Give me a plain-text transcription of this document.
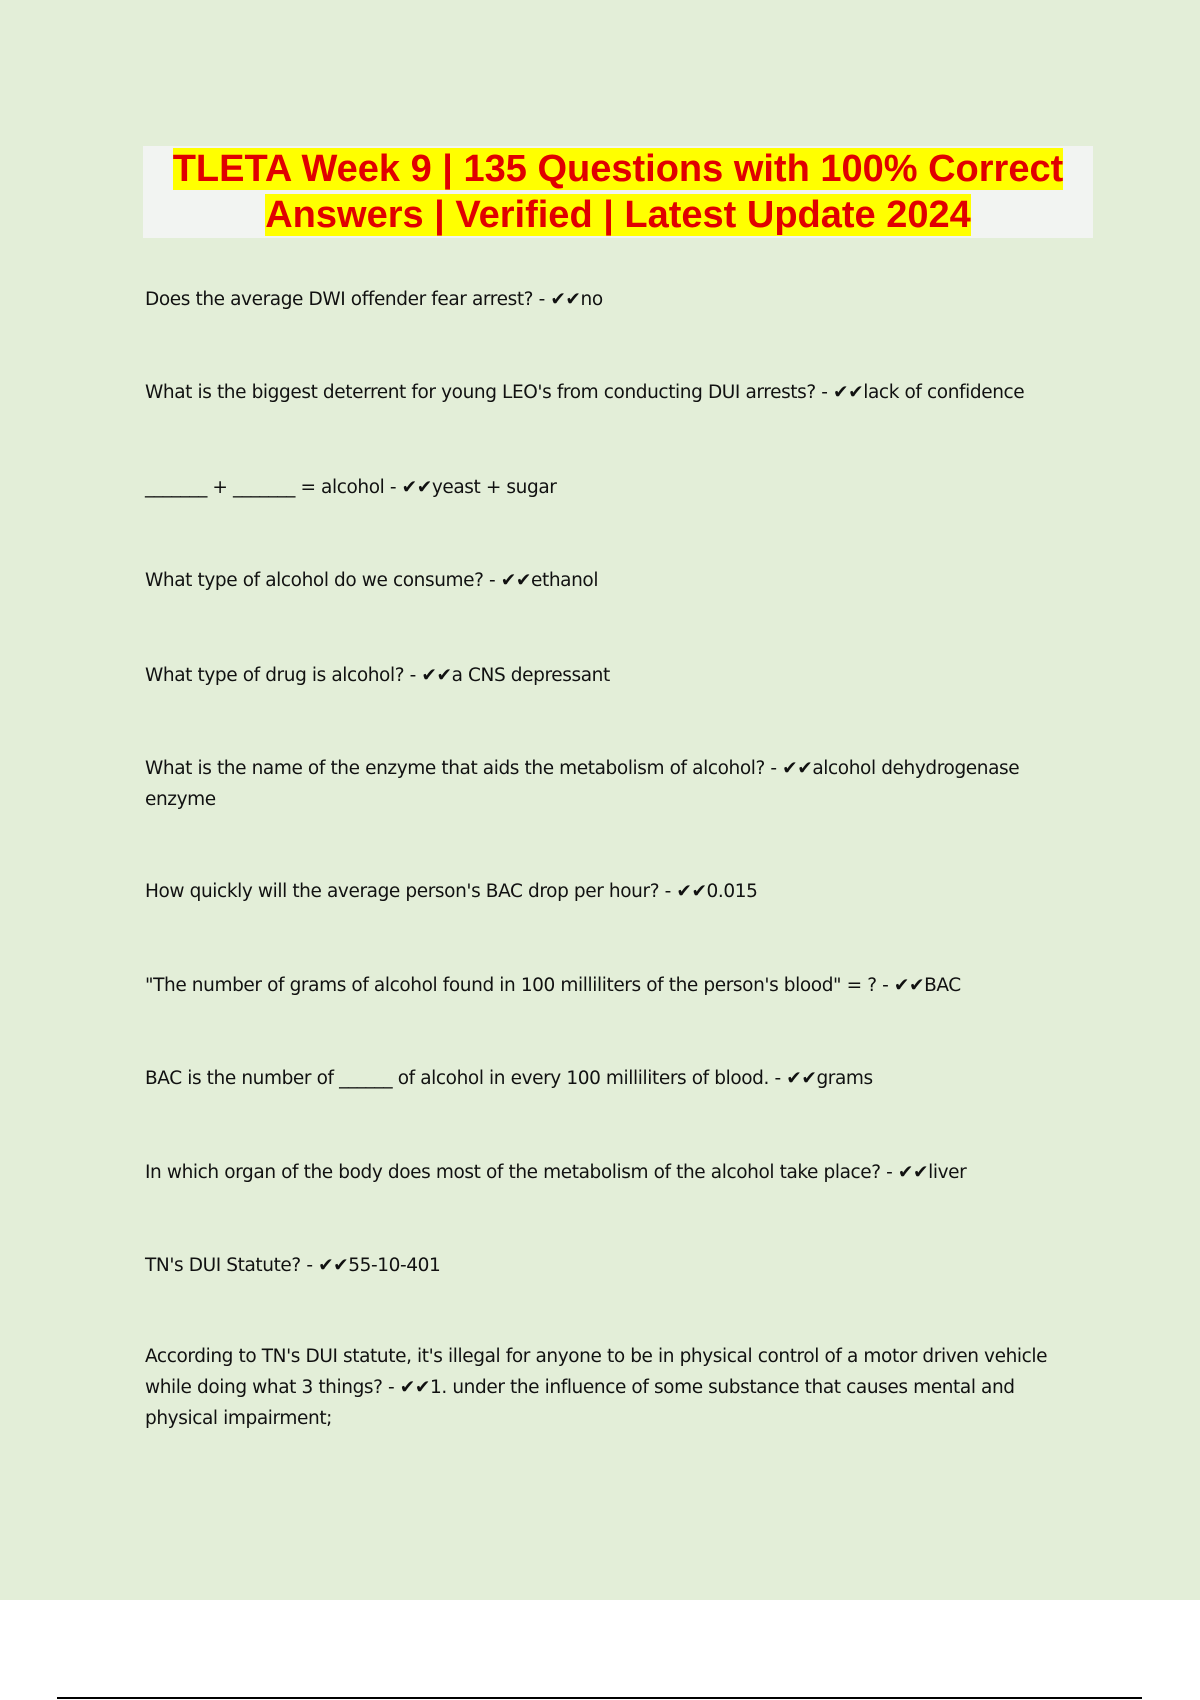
TLETA Week 9 | 135 Questions with 100% Correct Answers | Verified | Latest Update 2024
Does the average DWI offender fear arrest? - ✔✔no
What is the biggest deterrent for young LEO's from conducting DUI arrests? - ✔✔lack of confidence
_______ + _______ = alcohol - ✔✔yeast + sugar
What type of alcohol do we consume? - ✔✔ethanol
What type of drug is alcohol? - ✔✔a CNS depressant
What is the name of the enzyme that aids the metabolism of alcohol? - ✔✔alcohol dehydrogenase enzyme
How quickly will the average person's BAC drop per hour? - ✔✔0.015
"The number of grams of alcohol found in 100 milliliters of the person's blood" = ? - ✔✔BAC
BAC is the number of ______ of alcohol in every 100 milliliters of blood. - ✔✔grams
In which organ of the body does most of the metabolism of the alcohol take place? - ✔✔liver
TN's DUI Statute? - ✔✔55-10-401
According to TN's DUI statute, it's illegal for anyone to be in physical control of a motor driven vehicle while doing what 3 things? - ✔✔1. under the influence of some substance that causes mental and physical impairment;
